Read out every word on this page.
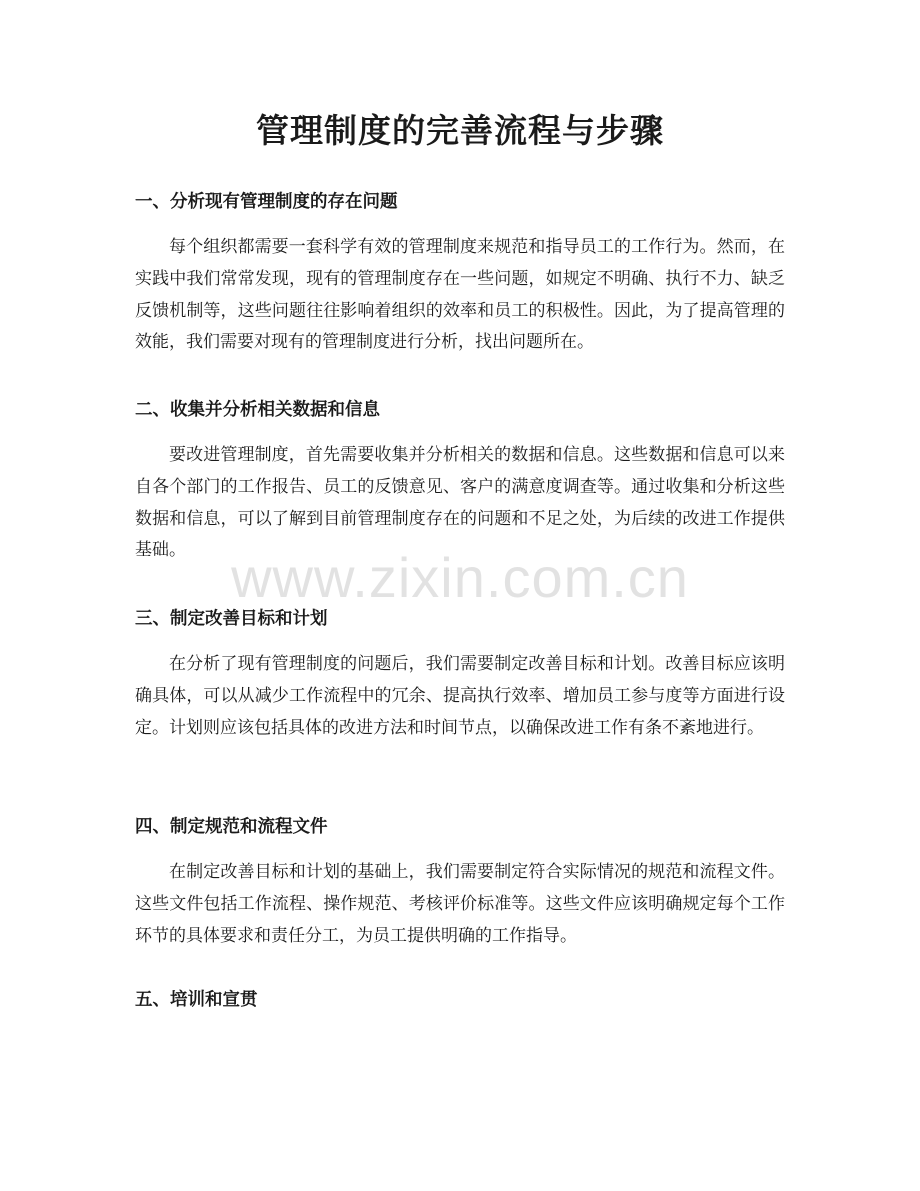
管理制度的完善流程与步骤
一、分析现有管理制度的存在问题

每个组织都需要一套科学有效的管理制度来规范和指导员工的工作行为。然而，在实践中我们常常发现，现有的管理制度存在一些问题，如规定不明确、执行不力、缺乏反馈机制等，这些问题往往影响着组织的效率和员工的积极性。因此，为了提高管理的效能，我们需要对现有的管理制度进行分析，找出问题所在。

二、收集并分析相关数据和信息

要改进管理制度，首先需要收集并分析相关的数据和信息。这些数据和信息可以来自各个部门的工作报告、员工的反馈意见、客户的满意度调查等。通过收集和分析这些数据和信息，可以了解到目前管理制度存在的问题和不足之处，为后续的改进工作提供基础。

三、制定改善目标和计划

在分析了现有管理制度的问题后，我们需要制定改善目标和计划。改善目标应该明确具体，可以从减少工作流程中的冗余、提高执行效率、增加员工参与度等方面进行设定。计划则应该包括具体的改进方法和时间节点，以确保改进工作有条不紊地进行。

四、制定规范和流程文件

在制定改善目标和计划的基础上，我们需要制定符合实际情况的规范和流程文件。这些文件包括工作流程、操作规范、考核评价标准等。这些文件应该明确规定每个工作环节的具体要求和责任分工，为员工提供明确的工作指导。

五、培训和宣贯
www.zixin.com.cn
